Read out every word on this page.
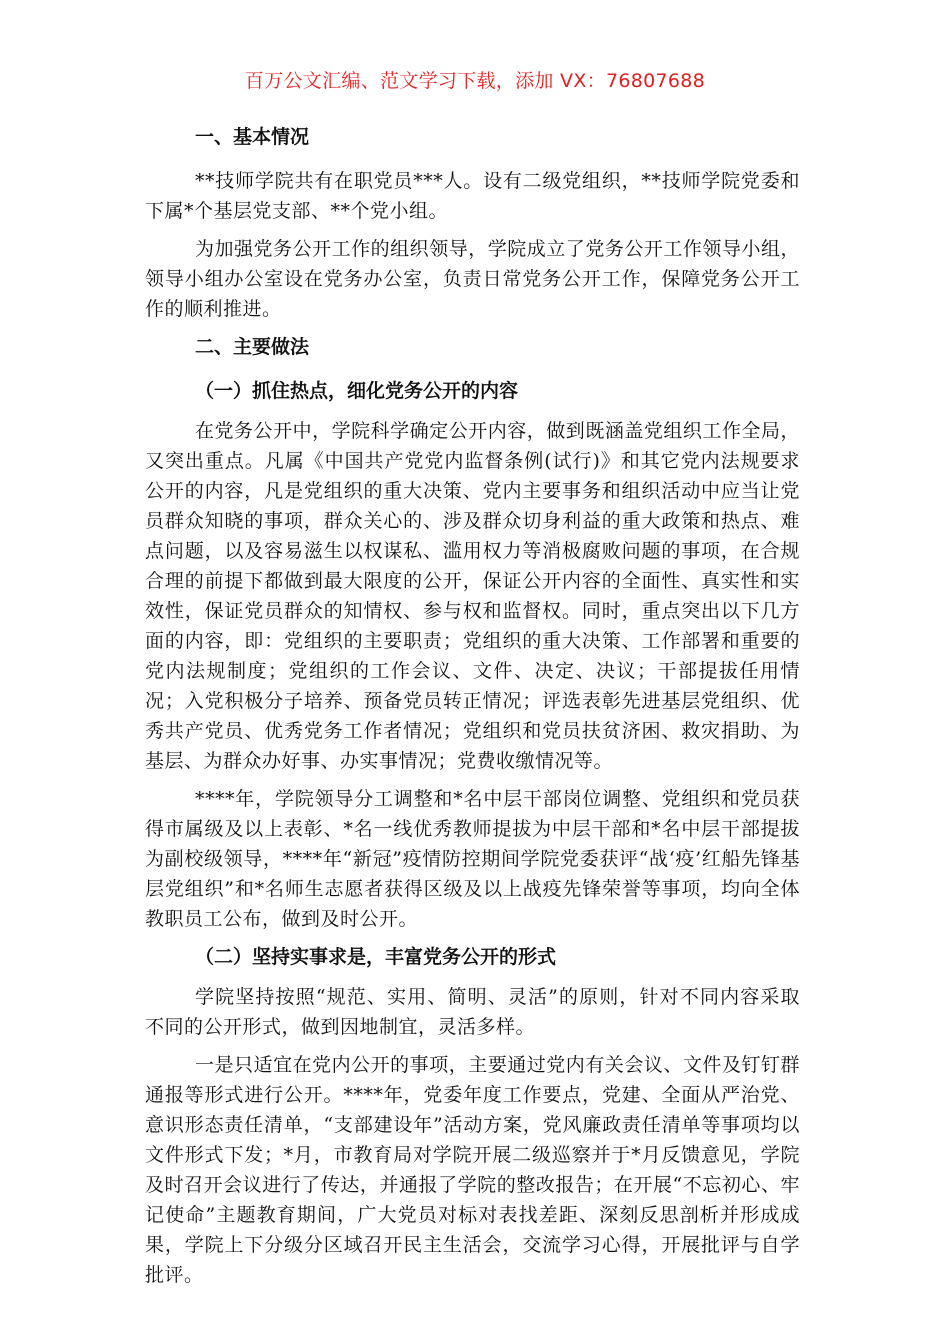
百万公文汇编、范文学习下载，添加 VX：76807688
一、基本情况

**技师学院共有在职党员***人。设有二级党组织，**技师学院党委和下属*个基层党支部、**个党小组。

为加强党务公开工作的组织领导，学院成立了党务公开工作领导小组，领导小组办公室设在党务办公室，负责日常党务公开工作，保障党务公开工作的顺利推进。

二、主要做法
（一）抓住热点，细化党务公开的内容

在党务公开中，学院科学确定公开内容，做到既涵盖党组织工作全局，又突出重点。凡属《中国共产党党内监督条例(试行)》和其它党内法规要求公开的内容，凡是党组织的重大决策、党内主要事务和组织活动中应当让党员群众知晓的事项，群众关心的、涉及群众切身利益的重大政策和热点、难点问题，以及容易滋生以权谋私、滥用权力等消极腐败问题的事项，在合规合理的前提下都做到最大限度的公开，保证公开内容的全面性、真实性和实效性，保证党员群众的知情权、参与权和监督权。同时，重点突出以下几方面的内容，即：党组织的主要职责；党组织的重大决策、工作部署和重要的党内法规制度；党组织的工作会议、文件、决定、决议；干部提拔任用情况；入党积极分子培养、预备党员转正情况；评选表彰先进基层党组织、优秀共产党员、优秀党务工作者情况；党组织和党员扶贫济困、救灾捐助、为基层、为群众办好事、办实事情况；党费收缴情况等。

****年，学院领导分工调整和*名中层干部岗位调整、党组织和党员获得市属级及以上表彰、*名一线优秀教师提拔为中层干部和*名中层干部提拔为副校级领导，****年“新冠”疫情防控期间学院党委获评“战‘疫’红船先锋基层党组织”和*名师生志愿者获得区级及以上战疫先锋荣誉等事项，均向全体教职员工公布，做到及时公开。

（二）坚持实事求是，丰富党务公开的形式

学院坚持按照“规范、实用、简明、灵活”的原则，针对不同内容采取不同的公开形式，做到因地制宜，灵活多样。

一是只适宜在党内公开的事项，主要通过党内有关会议、文件及钉钉群通报等形式进行公开。****年，党委年度工作要点，党建、全面从严治党、意识形态责任清单，“支部建设年”活动方案，党风廉政责任清单等事项均以文件形式下发；*月，市教育局对学院开展二级巡察并于*月反馈意见，学院及时召开会议进行了传达，并通报了学院的整改报告；在开展“不忘初心、牢记使命”主题教育期间，广大党员对标对表找差距、深刻反思剖析并形成成果，学院上下分级分区域召开民主生活会，交流学习心得，开展批评与自学批评。
